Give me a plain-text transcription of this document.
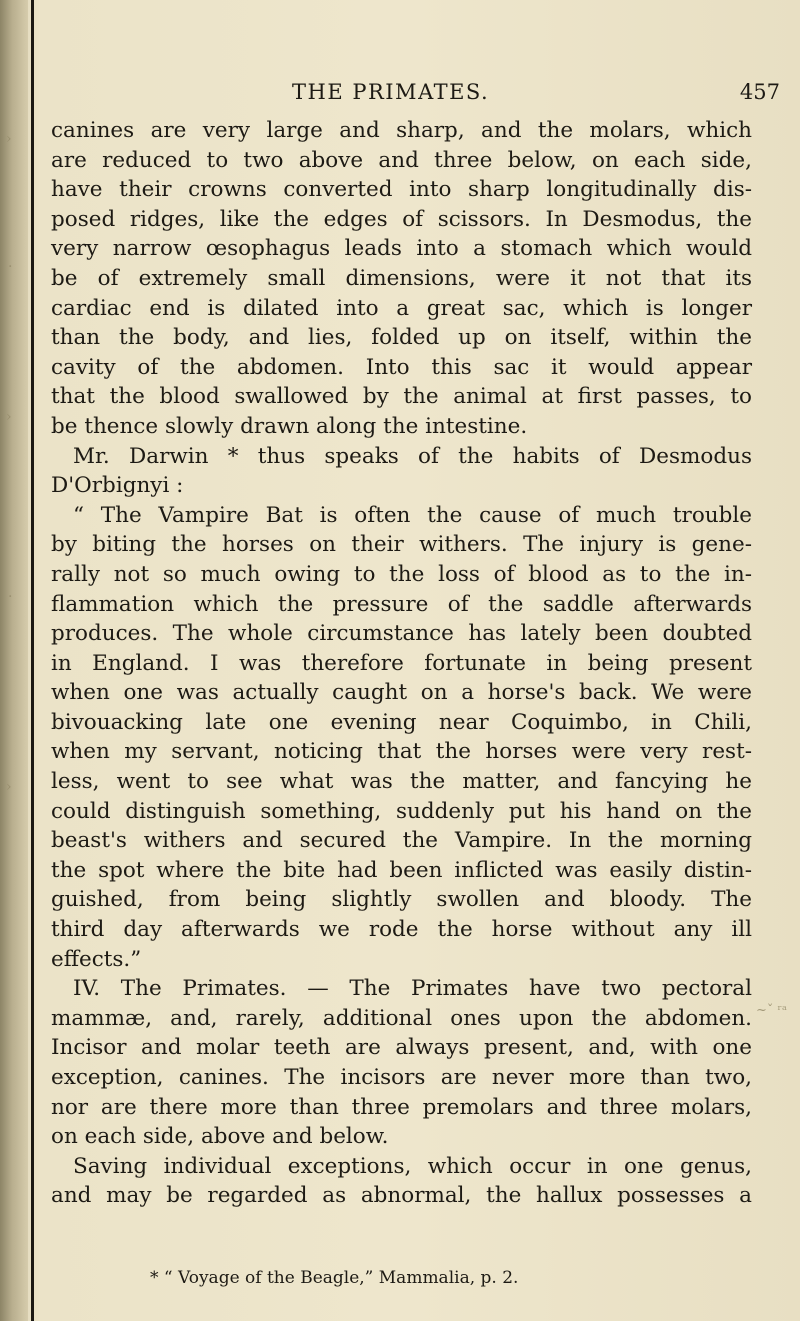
›
·
›
·
›
THE PRIMATES.	457
canines are very large and sharp, and the molars, which
are reduced to two above and three below, on each side,
have their crowns converted into sharp longitudinally dis-
posed ridges, like the edges of scissors. In Desmodus, the
very narrow œsophagus leads into a stomach which would
be of extremely small dimensions, were it not that its
cardiac end is dilated into a great sac, which is longer
than the body, and lies, folded up on itself, within the
cavity of the abdomen. Into this sac it would appear
that the blood swallowed by the animal at first passes, to
be thence slowly drawn along the intestine.
Mr. Darwin * thus speaks of the habits of Desmodus
D'Orbignyi :
“ The Vampire Bat is often the cause of much trouble
by biting the horses on their withers. The injury is gene-
rally not so much owing to the loss of blood as to the in-
flammation which the pressure of the saddle afterwards
produces. The whole circumstance has lately been doubted
in England. I was therefore fortunate in being present
when one was actually caught on a horse's back. We were
bivouacking late one evening near Coquimbo, in Chili,
when my servant, noticing that the horses were very rest-
less, went to see what was the matter, and fancying he
could distinguish something, suddenly put his hand on the
beast's withers and secured the Vampire. In the morning
the spot where the bite had been inflicted was easily distin-
guished, from being slightly swollen and bloody. The
third day afterwards we rode the horse without any ill
effects.”
IV. The Primates. — The Primates have two pectoral
mammæ, and, rarely, additional ones upon the abdomen.
Incisor and molar teeth are always present, and, with one
exception, canines. The incisors are never more than two,
nor are there more than three premolars and three molars,
on each side, above and below.
Saving individual exceptions, which occur in one genus,
and may be regarded as abnormal, the hallux possesses a
~ˇ ʳᵃ
* “ Voyage of the Beagle,” Mammalia, p. 2.
